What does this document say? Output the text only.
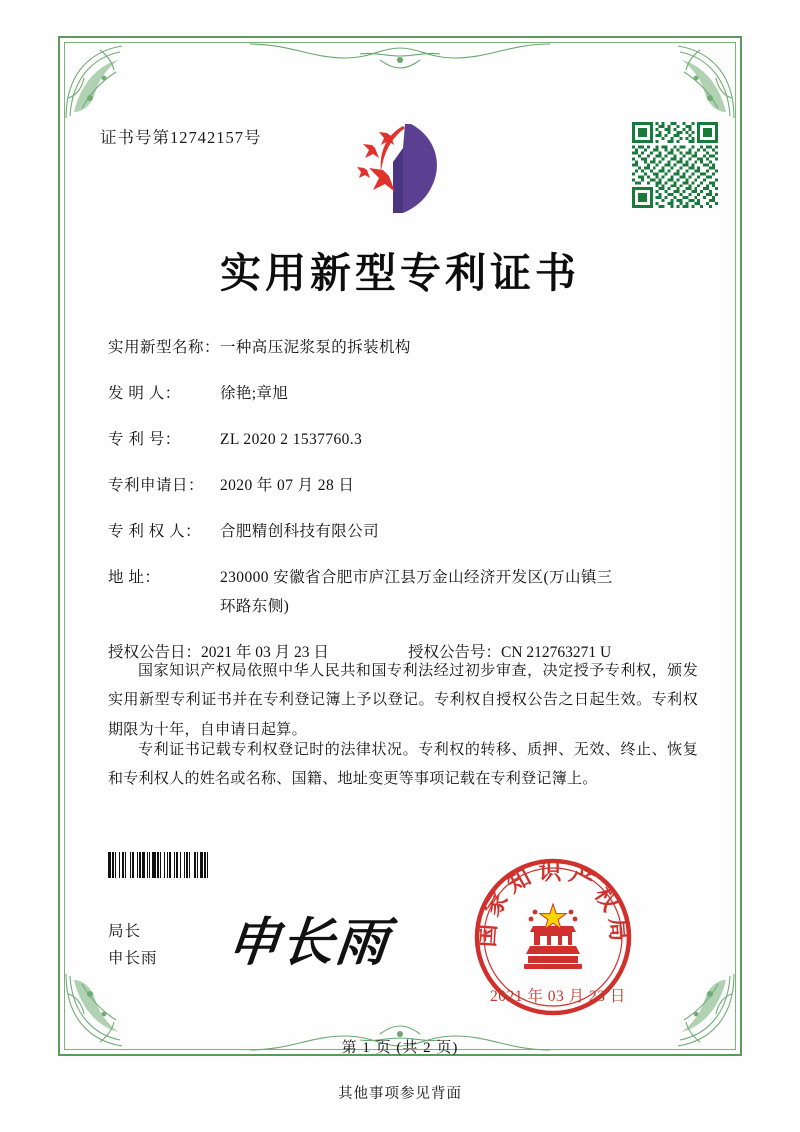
证书号第12742157号
实用新型专利证书
实用新型名称： 一种高压泥浆泵的拆装机构
发 明 人：	徐艳;章旭
专 利 号：	ZL 2020 2 1537760.3
专利申请日：	2020 年 07 月 28 日
专 利 权 人：	合肥精创科技有限公司
地 址：	230000 安徽省合肥市庐江县万金山经济开发区(万山镇三
环路东侧)
授权公告日：2021 年 03 月 23 日	授权公告号：CN 212763271 U
国家知识产权局依照中华人民共和国专利法经过初步审查，决定授予专利权，颁发实用新型专利证书并在专利登记簿上予以登记。专利权自授权公告之日起生效。专利权期限为十年，自申请日起算。
专利证书记载专利权登记时的法律状况。专利权的转移、质押、无效、终止、恢复和专利权人的姓名或名称、国籍、地址变更等事项记载在专利登记簿上。
局长
申长雨 申长雨	国家知识产权局
2021 年 03 月 23 日
第 1 页 (共 2 页)
其他事项参见背面
